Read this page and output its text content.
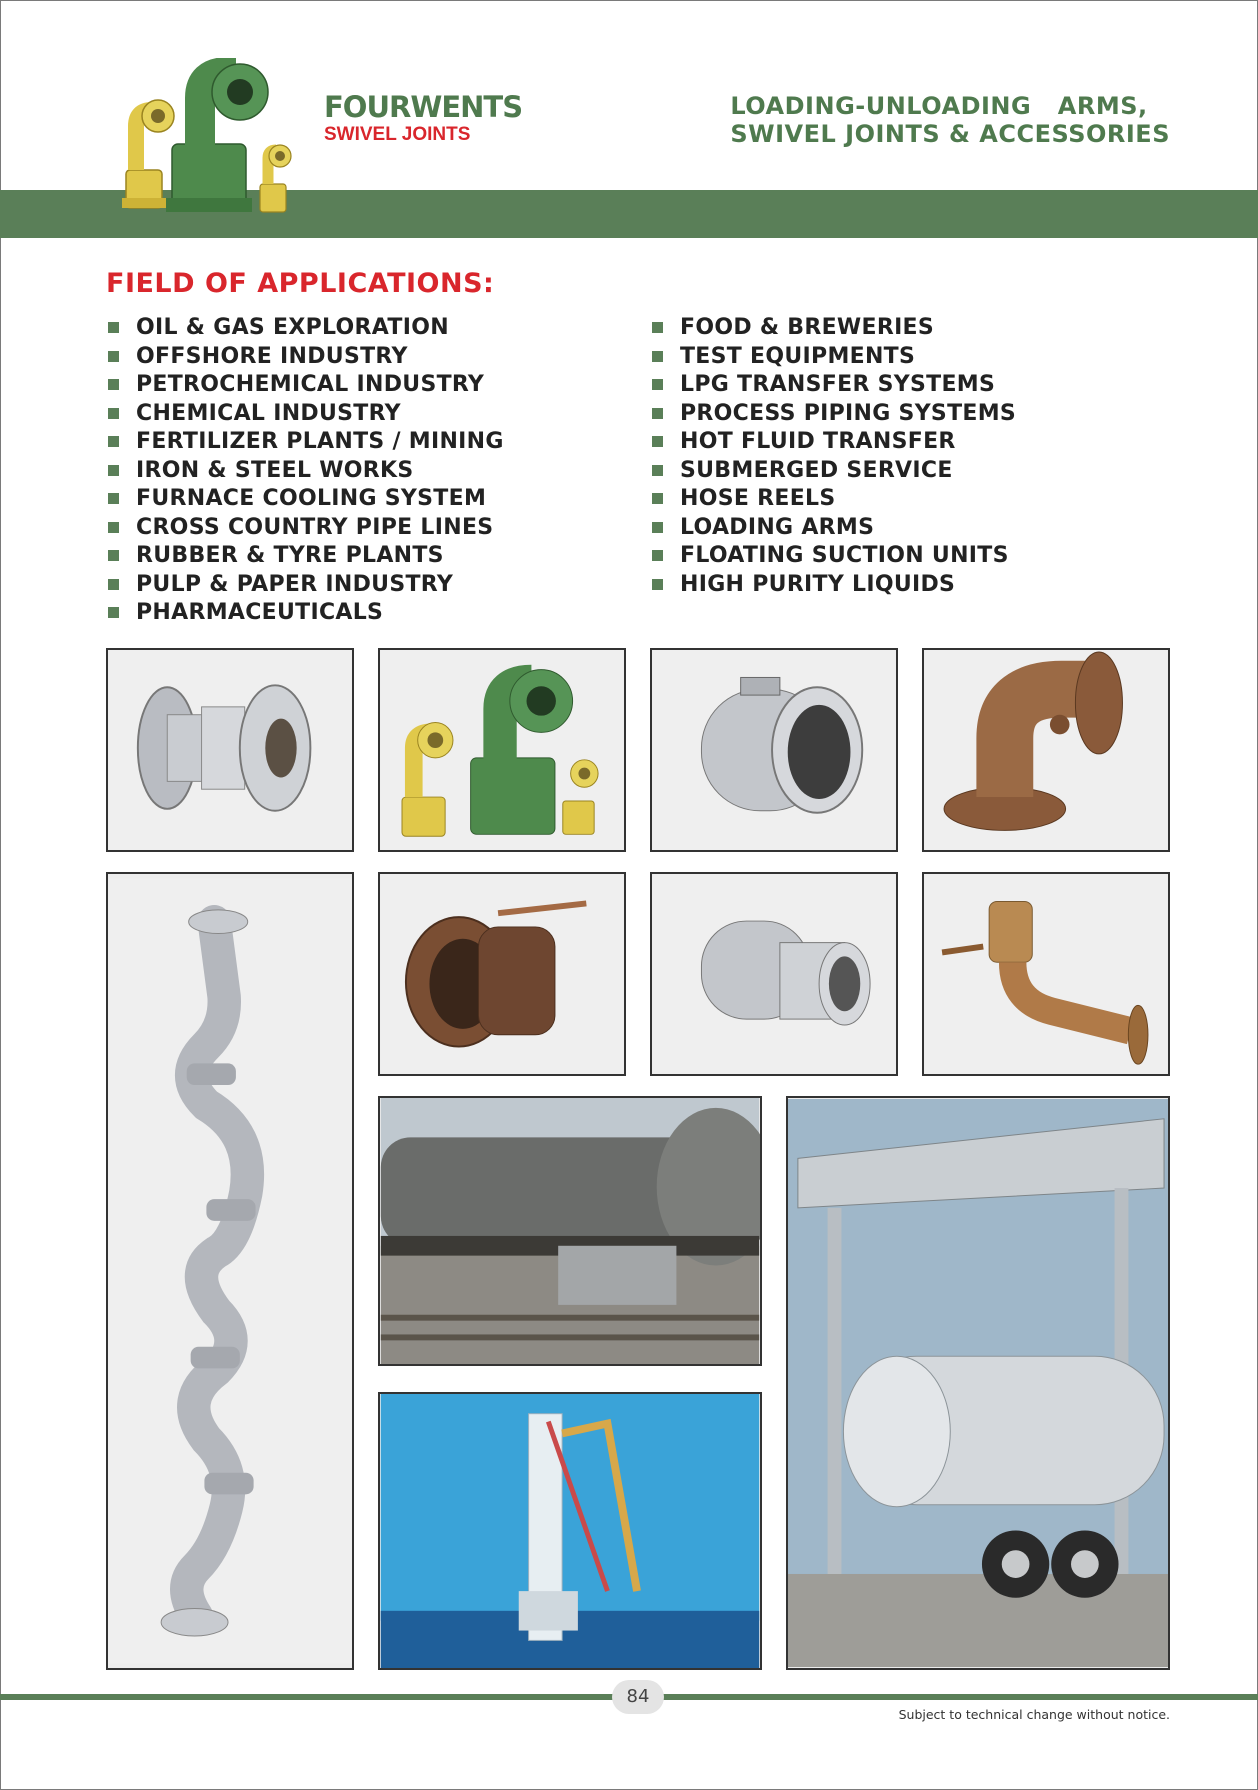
FOURWENTS
SWIVEL JOINTS
LOADING-UNLOADING   ARMS,
SWIVEL JOINTS & ACCESSORIES
FIELD OF APPLICATIONS:
OIL & GAS EXPLORATION
OFFSHORE INDUSTRY
PETROCHEMICAL INDUSTRY
CHEMICAL INDUSTRY
FERTILIZER PLANTS / MINING
IRON & STEEL WORKS
FURNACE COOLING SYSTEM
CROSS COUNTRY PIPE LINES
RUBBER & TYRE PLANTS
PULP & PAPER INDUSTRY
PHARMACEUTICALS
FOOD & BREWERIES
TEST EQUIPMENTS
LPG TRANSFER SYSTEMS
PROCESS PIPING SYSTEMS
HOT FLUID TRANSFER
SUBMERGED SERVICE
HOSE REELS
LOADING ARMS
FLOATING SUCTION UNITS
HIGH PURITY LIQUIDS
84
Subject to technical change without notice.
